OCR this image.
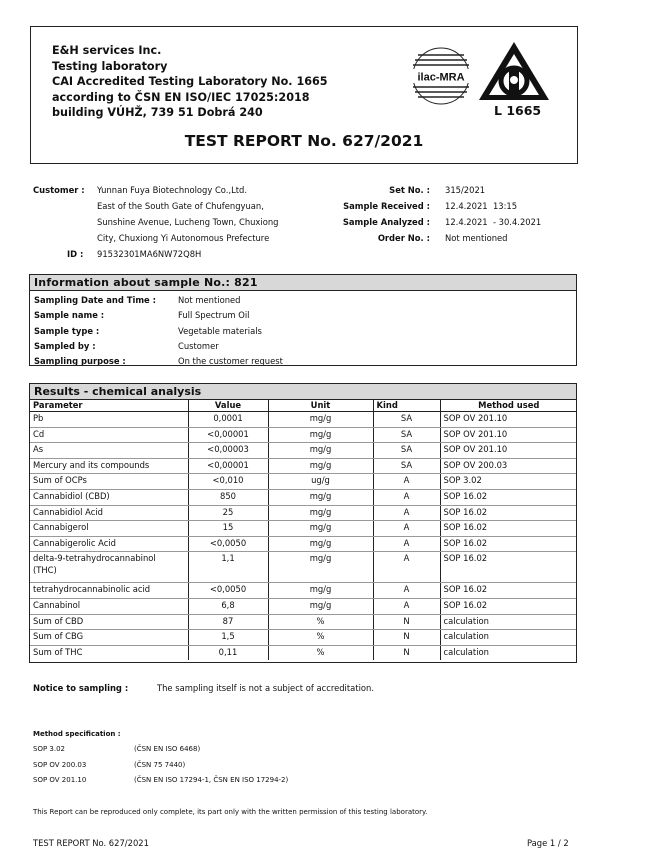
E&H services Inc.
Testing laboratory
CAI Accredited Testing Laboratory No. 1665
according to ČSN EN ISO/IEC 17025:2018
building VÚHŽ, 739 51 Dobrá 240
ilac-MRA
L 1665
TEST REPORT No. 627/2021
Customer : Yunnan Fuya Biotechnology Co.,Ltd.
East of the South Gate of Chufengyuan,
Sunshine Avenue, Lucheng Town, Chuxiong
City, Chuxiong Yi Autonomous Prefecture
ID : 91532301MA6NW72Q8H
Set No. : 315/2021
Sample Received : 12.4.2021  13:15
Sample Analyzed : 12.4.2021  - 30.4.2021
Order No. : Not mentioned
Information about sample No.: 821
Sampling Date and Time :	Not mentioned
Sample name :	Full Spectrum Oil
Sample type :	Vegetable materials
Sampled by :	Customer
Sampling purpose :	On the customer request
Results - chemical analysis
Parameter	Value	Unit	Kind	Method used
Pb	0,0001	mg/g	SA	SOP OV 201.10
Cd	<0,00001	mg/g	SA	SOP OV 201.10
As	<0,00003	mg/g	SA	SOP OV 201.10
Mercury and its compounds	<0,00001	mg/g	SA	SOP OV 200.03
Sum of OCPs	<0,010	ug/g	A	SOP 3.02
Cannabidiol (CBD)	850	mg/g	A	SOP 16.02
Cannabidiol Acid	25	mg/g	A	SOP 16.02
Cannabigerol	15	mg/g	A	SOP 16.02
Cannabigerolic Acid	<0,0050	mg/g	A	SOP 16.02

delta-9-tetrahydrocannabinol
(THC)	1,1	mg/g	A	SOP 16.02
tetrahydrocannabinolic acid	<0,0050	mg/g	A	SOP 16.02
Cannabinol	6,8	mg/g	A	SOP 16.02
Sum of CBD	87	%	N	calculation
Sum of CBG	1,5	%	N	calculation
Sum of THC	0,11	%	N	calculation
Notice to sampling :	The sampling itself is not a subject of accreditation.
Method specification :
SOP 3.02	(ČSN EN ISO 6468)
SOP OV 200.03	(ČSN 75 7440)
SOP OV 201.10	(ČSN EN ISO 17294-1, ČSN EN ISO 17294-2)
This Report can be reproduced only complete, its part only with the written permission of this testing laboratory.
TEST REPORT No. 627/2021	Page 1 / 2
